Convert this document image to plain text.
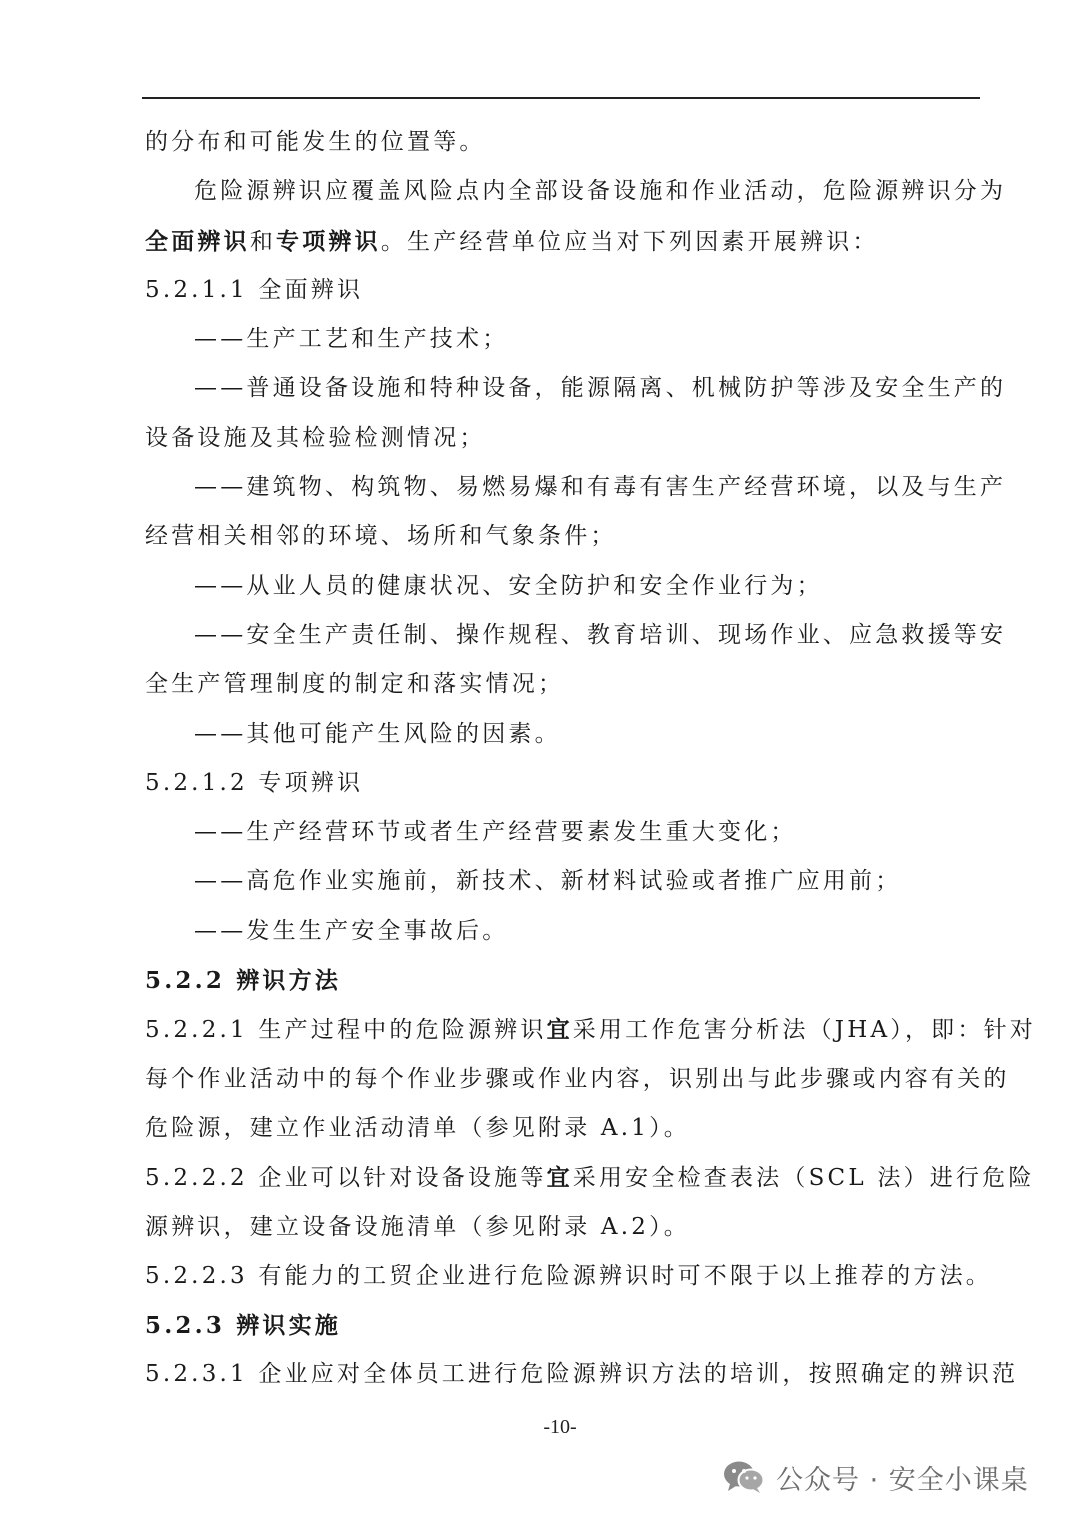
的分布和可能发生的位置等。
危险源辨识应覆盖风险点内全部设备设施和作业活动，危险源辨识分为
全面辨识和专项辨识。生产经营单位应当对下列因素开展辨识：
5.2.1.1 全面辨识
——生产工艺和生产技术；
——普通设备设施和特种设备，能源隔离、机械防护等涉及安全生产的
设备设施及其检验检测情况；
——建筑物、构筑物、易燃易爆和有毒有害生产经营环境，以及与生产
经营相关相邻的环境、场所和气象条件；
——从业人员的健康状况、安全防护和安全作业行为；
——安全生产责任制、操作规程、教育培训、现场作业、应急救援等安
全生产管理制度的制定和落实情况；
——其他可能产生风险的因素。
5.2.1.2 专项辨识
——生产经营环节或者生产经营要素发生重大变化；
——高危作业实施前，新技术、新材料试验或者推广应用前；
——发生生产安全事故后。
5.2.2 辨识方法
5.2.2.1 生产过程中的危险源辨识宜采用工作危害分析法（JHA），即：针对
每个作业活动中的每个作业步骤或作业内容，识别出与此步骤或内容有关的
危险源，建立作业活动清单（参见附录 A.1）。
5.2.2.2 企业可以针对设备设施等宜采用安全检查表法（SCL 法）进行危险
源辨识，建立设备设施清单（参见附录 A.2）。
5.2.2.3 有能力的工贸企业进行危险源辨识时可不限于以上推荐的方法。
5.2.3 辨识实施
5.2.3.1 企业应对全体员工进行危险源辨识方法的培训，按照确定的辨识范
-10-
公众号 · 安全小课桌
